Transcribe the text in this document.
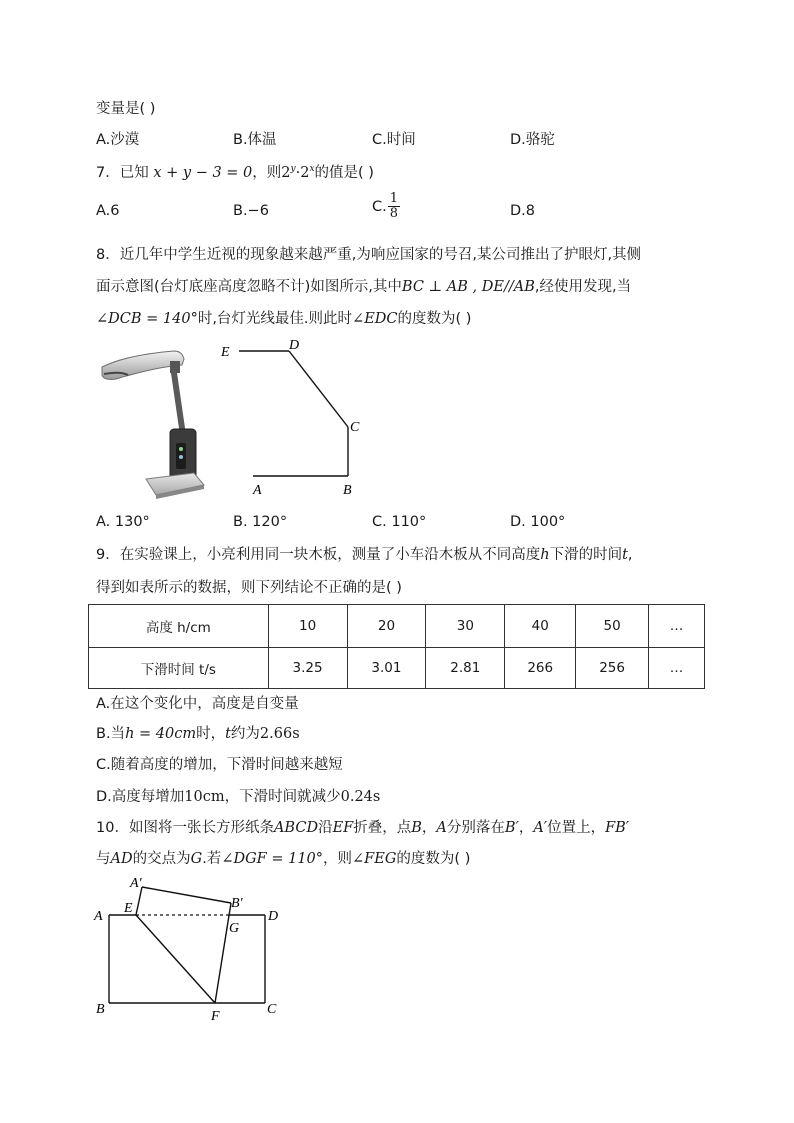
变量是( )
A.沙漠	B.体温	C.时间	D.骆驼
7．已知 x + y − 3 = 0，则$2^y\cdot 2^x$的值是( )
A.6	B.−6	C. $\frac{1}{8}$	D.8
8．近几年中学生近视的现象越来越严重,为响应国家的号召,某公司推出了护眼灯,其侧
面示意图(台灯底座高度忽略不计)如图所示,其中BC ⊥ AB , DE//AB,经使用发现,当
∠DCB = 140°时,台灯光线最佳.则此时∠EDC的度数为( )
E	D
C
A	B
A. 130°	B. 120°	C. 110°	D. 100°
9．在实验课上，小亮利用同一块木板，测量了小车沿木板从不同高度h下滑的时间t,
得到如表所示的数据，则下列结论不正确的是( )
高度 h/cm	10	20	30	40	50	…
下滑时间 t/s	3.25	3.01	2.81	266	256	…
A.在这个变化中，高度是自变量
B.当h = 40cm时，t约为2.66s
C.随着高度的增加，下滑时间越来越短
D.高度每增加10cm，下滑时间就减少0.24s
10．如图将一张长方形纸条ABCD沿EF折叠，点B，A分别落在B′，A′位置上，FB′
与AD的交点为G.若∠DGF = 110°，则∠FEG的度数为( )
A′
B′
A
E
G
D
B	F	C
